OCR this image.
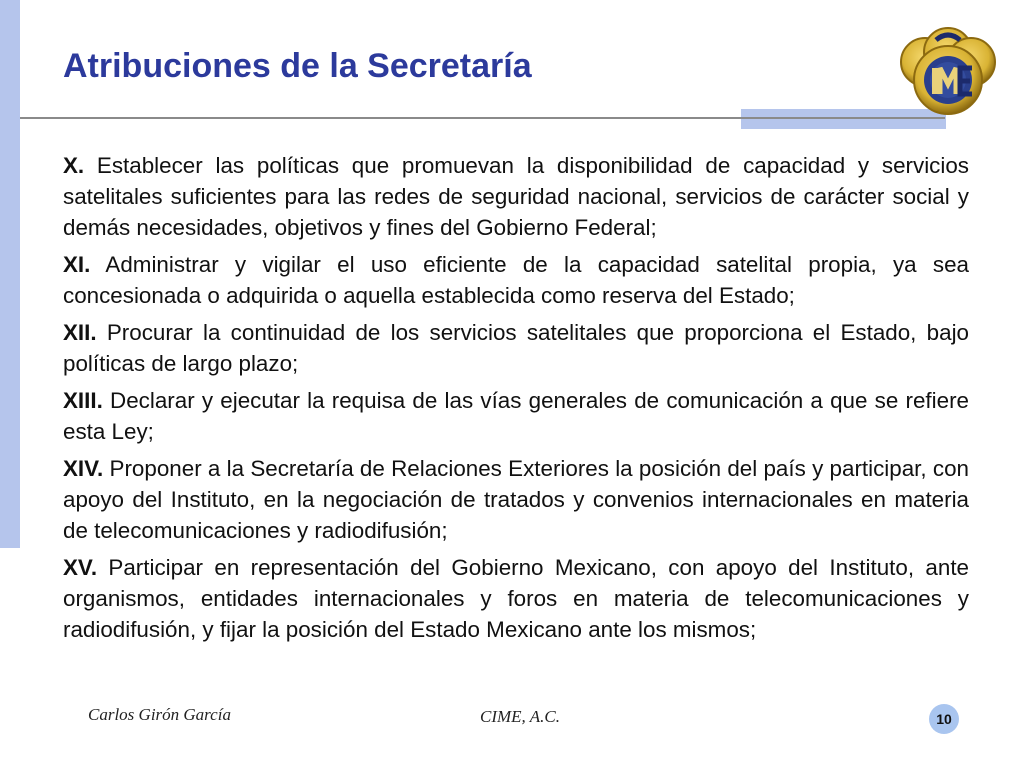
Atribuciones de la Secretaría

X. Establecer las políticas que promuevan la disponibilidad de capacidad y servicios satelitales suficientes para las redes de seguridad nacional, servicios de carácter social y demás necesidades, objetivos y fines del Gobierno Federal;

XI. Administrar y vigilar el uso eficiente de la capacidad satelital propia, ya sea concesionada o adquirida o aquella establecida como reserva del Estado;

XII. Procurar la continuidad de los servicios satelitales que proporciona el Estado, bajo políticas de largo plazo;

XIII. Declarar y ejecutar la requisa de las vías generales de comunicación a que se refiere esta Ley;

XIV. Proponer a la Secretaría de Relaciones Exteriores la posición del país y participar, con apoyo del Instituto, en la negociación de tratados y convenios internacionales en materia de telecomunicaciones y radiodifusión;

XV. Participar en representación del Gobierno Mexicano, con apoyo del Instituto, ante organismos, entidades internacionales y foros en materia de telecomunicaciones y radiodifusión, y fijar la posición del Estado Mexicano ante los mismos;

Carlos Girón García	CIME, A.C.	10
